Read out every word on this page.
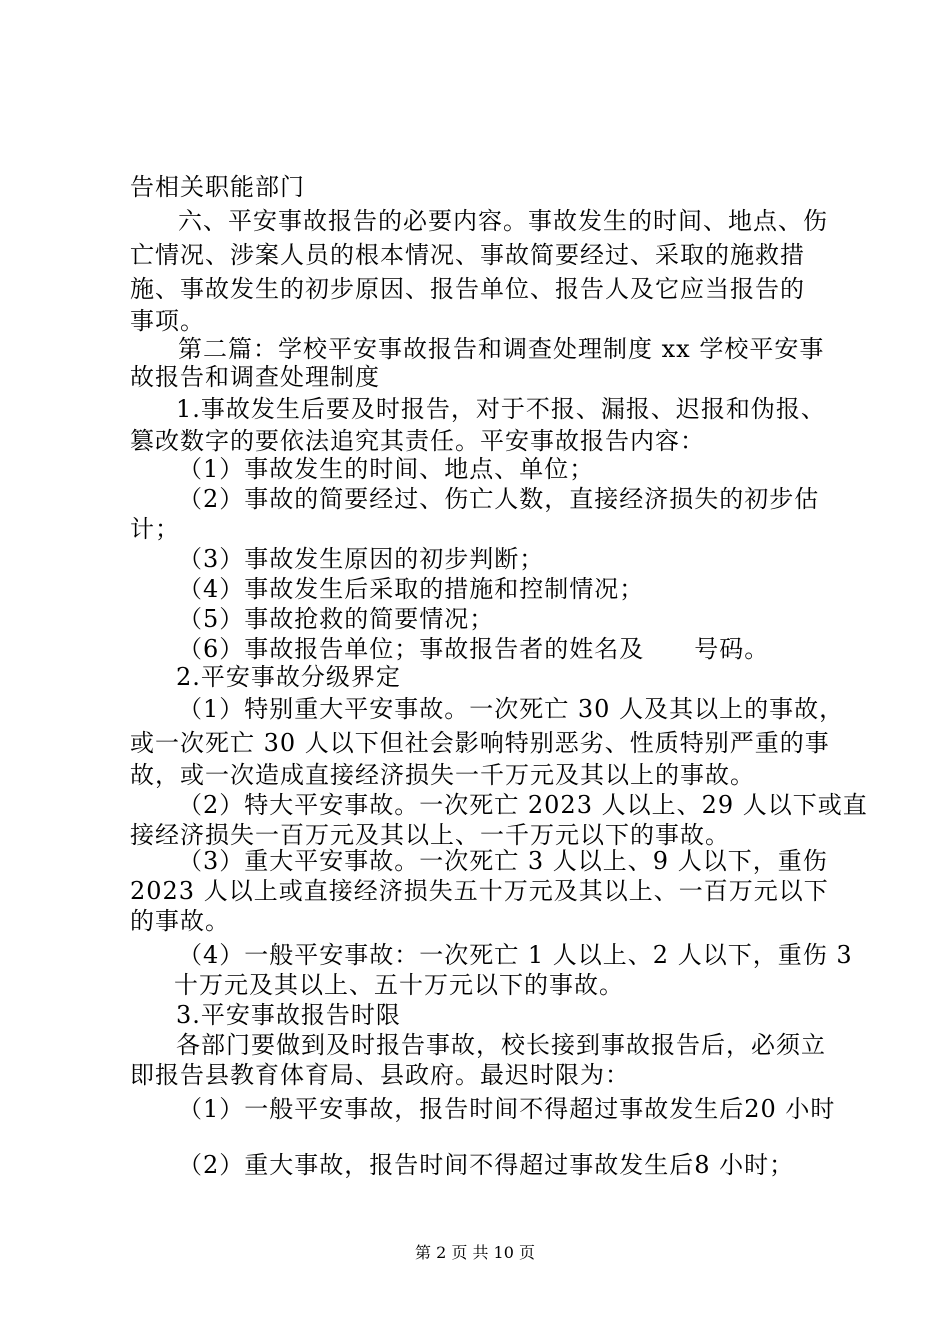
告相关职能部门
六、平安事故报告的必要内容。事故发生的时间、地点、伤
亡情况、涉案人员的根本情况、事故简要经过、采取的施救措
施、事故发生的初步原因、报告单位、报告人及它应当报告的
事项。
第二篇：学校平安事故报告和调查处理制度 xx 学校平安事
故报告和调查处理制度
1.事故发生后要及时报告，对于不报、漏报、迟报和伪报、
篡改数字的要依法追究其责任。平安事故报告内容：
（1）事故发生的时间、地点、单位；
（2）事故的简要经过、伤亡人数，直接经济损失的初步估
计；
（3）事故发生原因的初步判断；
（4）事故发生后采取的措施和控制情况；
（5）事故抢救的简要情况；
（6）事故报告单位；事故报告者的姓名及　　号码。
2.平安事故分级界定
（1）特别重大平安事故。一次死亡 30 人及其以上的事故，
或一次死亡 30 人以下但社会影响特别恶劣、性质特别严重的事
故，或一次造成直接经济损失一千万元及其以上的事故。
（2）特大平安事故。一次死亡 2023 人以上、29 人以下或直
接经济损失一百万元及其以上、一千万元以下的事故。
（3）重大平安事故。一次死亡 3 人以上、9 人以下，重伤
2023 人以上或直接经济损失五十万元及其以上、一百万元以下
的事故。
（4）一般平安事故：一次死亡 1 人以上、2 人以下，重伤 3
十万元及其以上、五十万元以下的事故。
3.平安事故报告时限
各部门要做到及时报告事故，校长接到事故报告后，必须立
即报告县教育体育局、县政府。最迟时限为：
（1）一般平安事故，报告时间不得超过事故发生后20 小时
（2）重大事故，报告时间不得超过事故发生后8 小时；
第 2 页 共 10 页
